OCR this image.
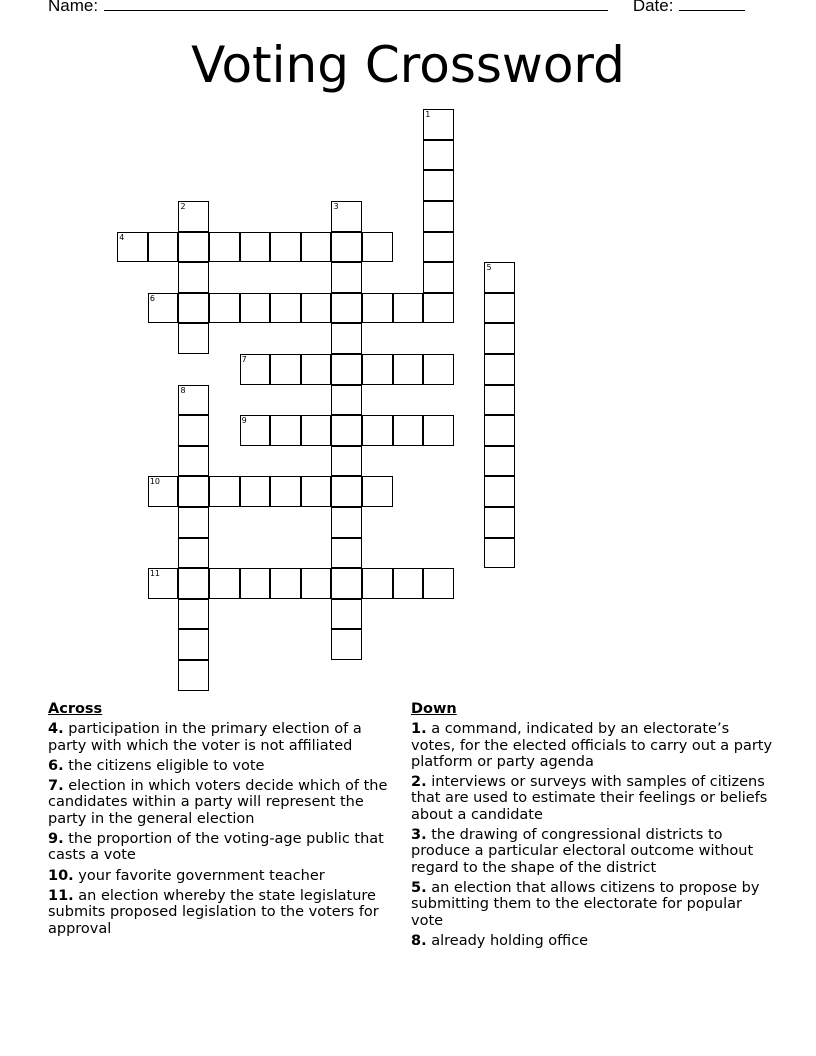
Name:	Date:
Voting Crossword
1
2	3
4
5
6
7
8
9
10
11
Across
4. participation in the primary election of a party with which the voter is not affiliated
6. the citizens eligible to vote
7. election in which voters decide which of the candidates within a party will represent the party in the general election
9. the proportion of the voting-age public that casts a vote
10. your favorite government teacher
11. an election whereby the state legislature submits proposed legislation to the voters for approval
Down
1. a command, indicated by an electorate’s votes, for the elected officials to carry out a party platform or party agenda
2. interviews or surveys with samples of citizens that are used to estimate their feelings or beliefs about a candidate
3. the drawing of congressional districts to produce a particular electoral outcome without regard to the shape of the district
5. an election that allows citizens to propose by submitting them to the electorate for popular vote
8. already holding office
